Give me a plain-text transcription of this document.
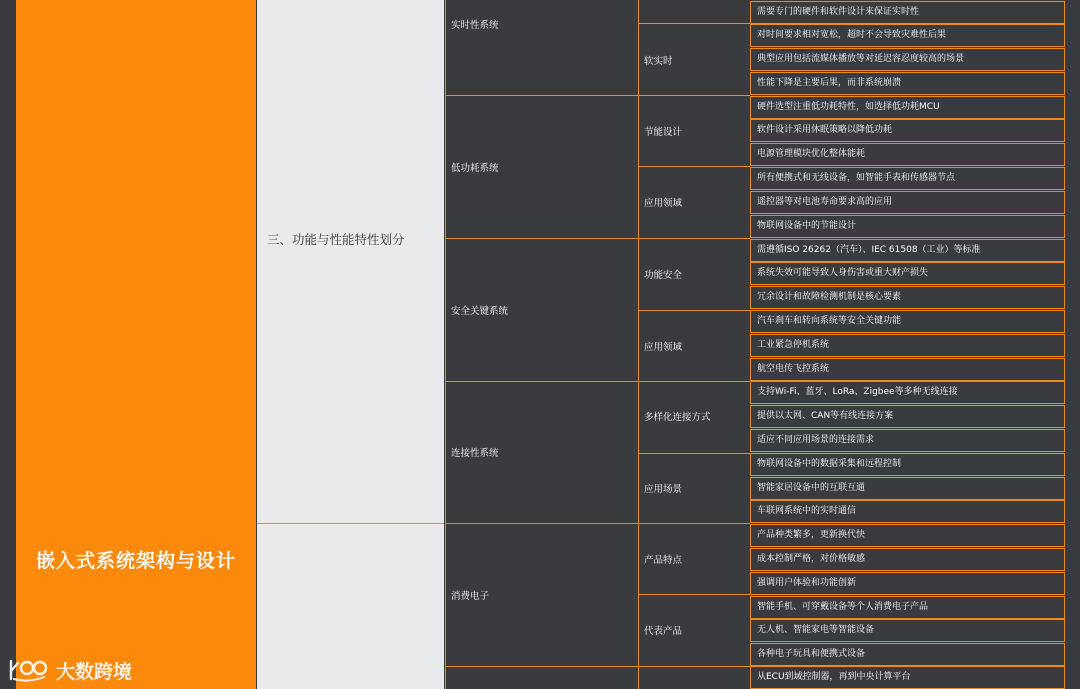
嵌入式系统架构与设计
三、功能与性能特性划分
实时性系统
低功耗系统
安全关键系统
连接性系统
消费电子
软实时
节能设计
应用领域
功能安全
应用领域
多样化连接方式
应用场景
产品特点
代表产品
需要专门的硬件和软件设计来保证实时性
对时间要求相对宽松，超时不会导致灾难性后果
典型应用包括流媒体播放等对延迟容忍度较高的场景
性能下降是主要后果，而非系统崩溃
硬件选型注重低功耗特性，如选择低功耗MCU
软件设计采用休眠策略以降低功耗
电源管理模块优化整体能耗
所有便携式和无线设备，如智能手表和传感器节点
遥控器等对电池寿命要求高的应用
物联网设备中的节能设计
需遵循ISO 26262（汽车）、IEC 61508（工业）等标准
系统失效可能导致人身伤害或重大财产损失
冗余设计和故障检测机制是核心要素
汽车刹车和转向系统等安全关键功能
工业紧急停机系统
航空电传飞控系统
支持Wi-Fi、蓝牙、LoRa、Zigbee等多种无线连接
提供以太网、CAN等有线连接方案
适应不同应用场景的连接需求
物联网设备中的数据采集和远程控制
智能家居设备中的互联互通
车联网系统中的实时通信
产品种类繁多，更新换代快
成本控制严格，对价格敏感
强调用户体验和功能创新
智能手机、可穿戴设备等个人消费电子产品
无人机、智能家电等智能设备
各种电子玩具和便携式设备
从ECU到域控制器，再到中央计算平台
大数跨境
